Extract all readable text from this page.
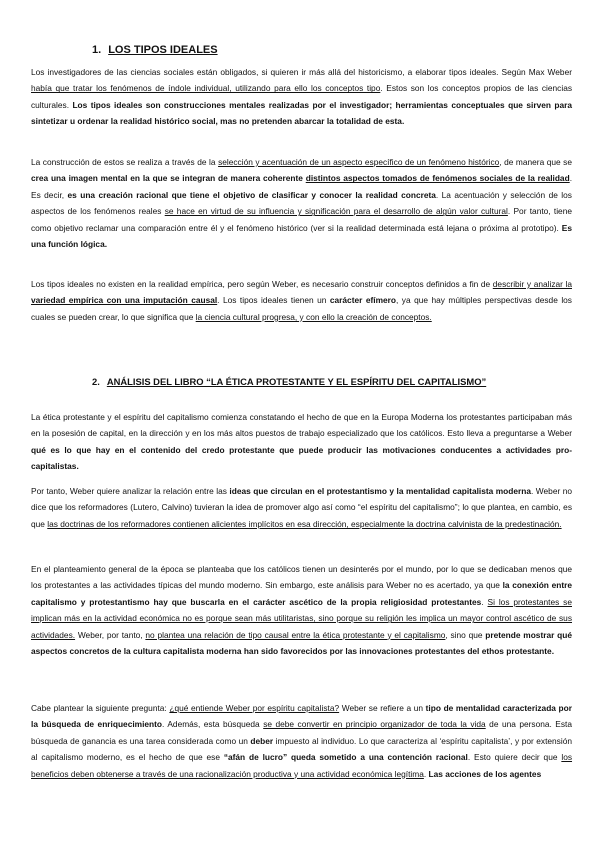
1. LOS TIPOS IDEALES

Los investigadores de las ciencias sociales están obligados, si quieren ir más allá del historicismo, a elaborar tipos ideales. Según Max Weber había que tratar los fenómenos de índole individual, utilizando para ello los conceptos tipo. Estos son los conceptos propios de las ciencias culturales. Los tipos ideales son construcciones mentales realizadas por el investigador; herramientas conceptuales que sirven para sintetizar u ordenar la realidad histórico social, mas no pretenden abarcar la totalidad de esta.

La construcción de estos se realiza a través de la selección y acentuación de un aspecto específico de un fenómeno histórico, de manera que se crea una imagen mental en la que se integran de manera coherente distintos aspectos tomados de fenómenos sociales de la realidad. Es decir, es una creación racional que tiene el objetivo de clasificar y conocer la realidad concreta. La acentuación y selección de los aspectos de los fenómenos reales se hace en virtud de su influencia y significación para el desarrollo de algún valor cultural. Por tanto, tiene como objetivo reclamar una comparación entre él y el fenómeno histórico (ver si la realidad determinada está lejana o próxima al prototipo). Es una función lógica.

Los tipos ideales no existen en la realidad empírica, pero según Weber, es necesario construir conceptos definidos a fin de describir y analizar la variedad empírica con una imputación causal. Los tipos ideales tienen un carácter efímero, ya que hay múltiples perspectivas desde los cuales se pueden crear, lo que significa que la ciencia cultural progresa, y con ello la creación de conceptos.

2. ANÁLISIS DEL LIBRO “LA ÉTICA PROTESTANTE Y EL ESPÍRITU DEL CAPITALISMO”

La ética protestante y el espíritu del capitalismo comienza constatando el hecho de que en la Europa Moderna los protestantes participaban más en la posesión de capital, en la dirección y en los más altos puestos de trabajo especializado que los católicos. Esto lleva a preguntarse a Weber qué es lo que hay en el contenido del credo protestante que puede producir las motivaciones conducentes a actividades pro-capitalistas.

Por tanto, Weber quiere analizar la relación entre las ideas que circulan en el protestantismo y la mentalidad capitalista moderna. Weber no dice que los reformadores (Lutero, Calvino) tuvieran la idea de promover algo así como “el espíritu del capitalismo”; lo que plantea, en cambio, es que las doctrinas de los reformadores contienen alicientes implícitos en esa dirección, especialmente la doctrina calvinista de la predestinación.

En el planteamiento general de la época se planteaba que los católicos tienen un desinterés por el mundo, por lo que se dedicaban menos que los protestantes a las actividades típicas del mundo moderno. Sin embargo, este análisis para Weber no es acertado, ya que la conexión entre capitalismo y protestantismo hay que buscarla en el carácter ascético de la propia religiosidad protestantes. Si los protestantes se implican más en la actividad económica no es porque sean más utilitaristas, sino porque su religión les implica un mayor control ascético de sus actividades. Weber, por tanto, no plantea una relación de tipo causal entre la ética protestante y el capitalismo, sino que pretende mostrar qué aspectos concretos de la cultura capitalista moderna han sido favorecidos por las innovaciones protestantes del ethos protestante.

Cabe plantear la siguiente pregunta: ¿qué entiende Weber por espíritu capitalista? Weber se refiere a un tipo de mentalidad caracterizada por la búsqueda de enriquecimiento. Además, esta búsqueda se debe convertir en principio organizador de toda la vida de una persona. Esta búsqueda de ganancia es una tarea considerada como un deber impuesto al individuo. Lo que caracteriza al ‘espíritu capitalista’, y por extensión al capitalismo moderno, es el hecho de que ese “afán de lucro” queda sometido a una contención racional. Esto quiere decir que los beneficios deben obtenerse a través de una racionalización productiva y una actividad económica legítima. Las acciones de los agentes
